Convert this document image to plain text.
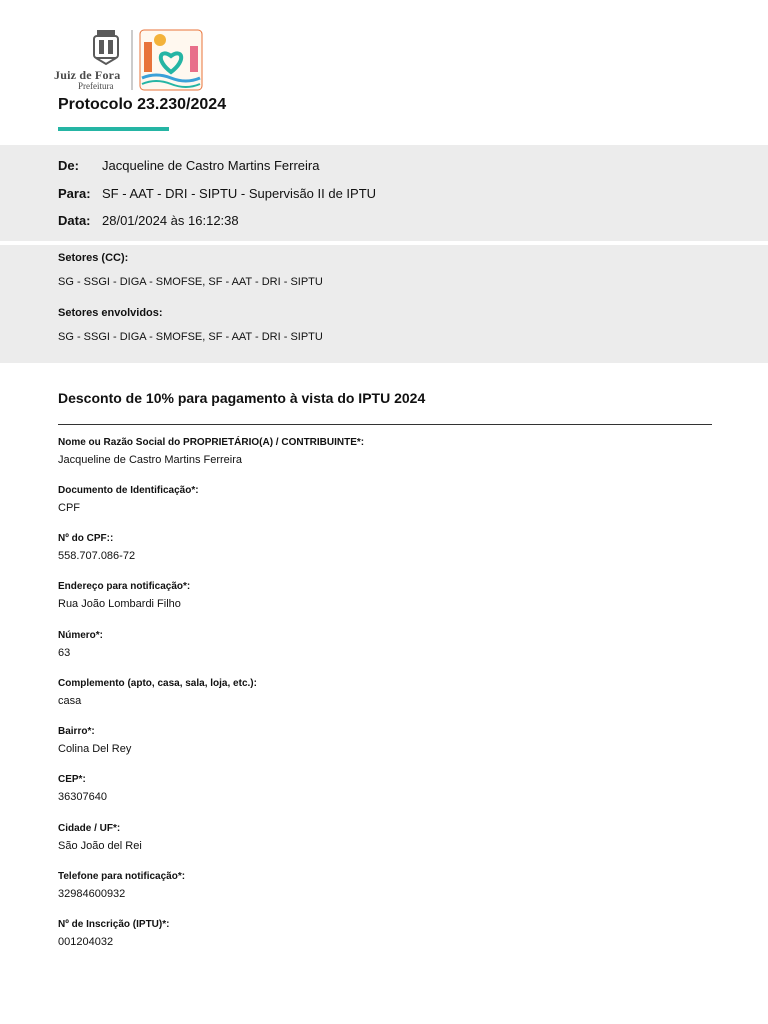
Juiz de Fora
Prefeitura
Protocolo 23.230/2024
De: Jacqueline de Castro Martins Ferreira
Para: SF - AAT - DRI - SIPTU - Supervisão II de IPTU
Data: 28/01/2024 às 16:12:38
Setores (CC):
SG - SSGI - DIGA - SMOFSE, SF - AAT - DRI - SIPTU
Setores envolvidos:
SG - SSGI - DIGA - SMOFSE, SF - AAT - DRI - SIPTU
Desconto de 10% para pagamento à vista do IPTU 2024
Nome ou Razão Social do PROPRIETÁRIO(A) / CONTRIBUINTE*:
Jacqueline de Castro Martins Ferreira
Documento de Identificação*:
CPF
Nº do CPF::
558.707.086-72
Endereço para notificação*:
Rua João Lombardi Filho
Número*:
63
Complemento (apto, casa, sala, loja, etc.):
casa
Bairro*:
Colina Del Rey
CEP*:
36307640
Cidade / UF*:
São João del Rei
Telefone para notificação*:
32984600932
Nº de Inscrição (IPTU)*:
001204032
